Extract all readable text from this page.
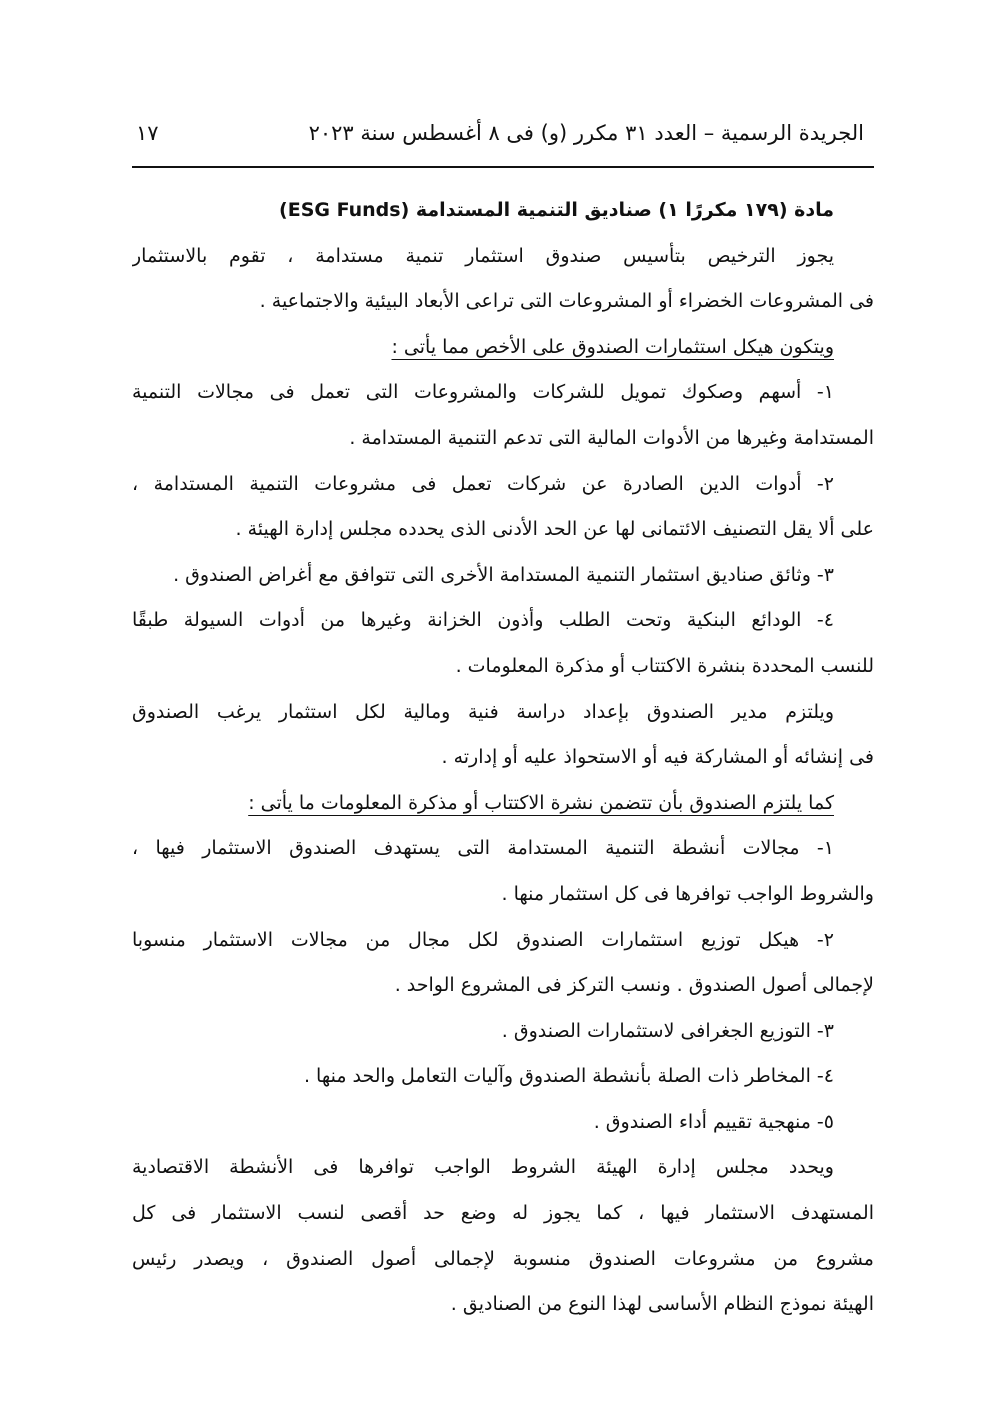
الجريدة الرسمية – العدد ٣١ مكرر (و) فى ٨ أغسطس سنة ٢٠٢٣
١٧
مادة (١٧٩ مكررًا ١) صناديق التنمية المستدامة (ESG Funds)
يجوز الترخيص بتأسيس صندوق استثمار تنمية مستدامة ، تقوم بالاستثمار
فى المشروعات الخضراء أو المشروعات التى تراعى الأبعاد البيئية والاجتماعية .
ويتكون هيكل استثمارات الصندوق على الأخص مما يأتى :
١- أسهم وصكوك تمويل للشركات والمشروعات التى تعمل فى مجالات التنمية
المستدامة وغيرها من الأدوات المالية التى تدعم التنمية المستدامة .
٢- أدوات الدين الصادرة عن شركات تعمل فى مشروعات التنمية المستدامة ،
على ألا يقل التصنيف الائتمانى لها عن الحد الأدنى الذى يحدده مجلس إدارة الهيئة .
٣- وثائق صناديق استثمار التنمية المستدامة الأخرى التى تتوافق مع أغراض الصندوق .
٤- الودائع البنكية وتحت الطلب وأذون الخزانة وغيرها من أدوات السيولة طبقًا
للنسب المحددة بنشرة الاكتتاب أو مذكرة المعلومات .
ويلتزم مدير الصندوق بإعداد دراسة فنية ومالية لكل استثمار يرغب الصندوق
فى إنشائه أو المشاركة فيه أو الاستحواذ عليه أو إدارته .
كما يلتزم الصندوق بأن تتضمن نشرة الاكتتاب أو مذكرة المعلومات ما يأتى :
١- مجالات أنشطة التنمية المستدامة التى يستهدف الصندوق الاستثمار فيها ،
والشروط الواجب توافرها فى كل استثمار منها .
٢- هيكل توزيع استثمارات الصندوق لكل مجال من مجالات الاستثمار منسوبا
لإجمالى أصول الصندوق . ونسب التركز فى المشروع الواحد .
٣- التوزيع الجغرافى لاستثمارات الصندوق .
٤- المخاطر ذات الصلة بأنشطة الصندوق وآليات التعامل والحد منها .
٥- منهجية تقييم أداء الصندوق .
ويحدد مجلس إدارة الهيئة الشروط الواجب توافرها فى الأنشطة الاقتصادية
المستهدف الاستثمار فيها ، كما يجوز له وضع حد أقصى لنسب الاستثمار فى كل
مشروع من مشروعات الصندوق منسوبة لإجمالى أصول الصندوق ، ويصدر رئيس
الهيئة نموذج النظام الأساسى لهذا النوع من الصناديق .
